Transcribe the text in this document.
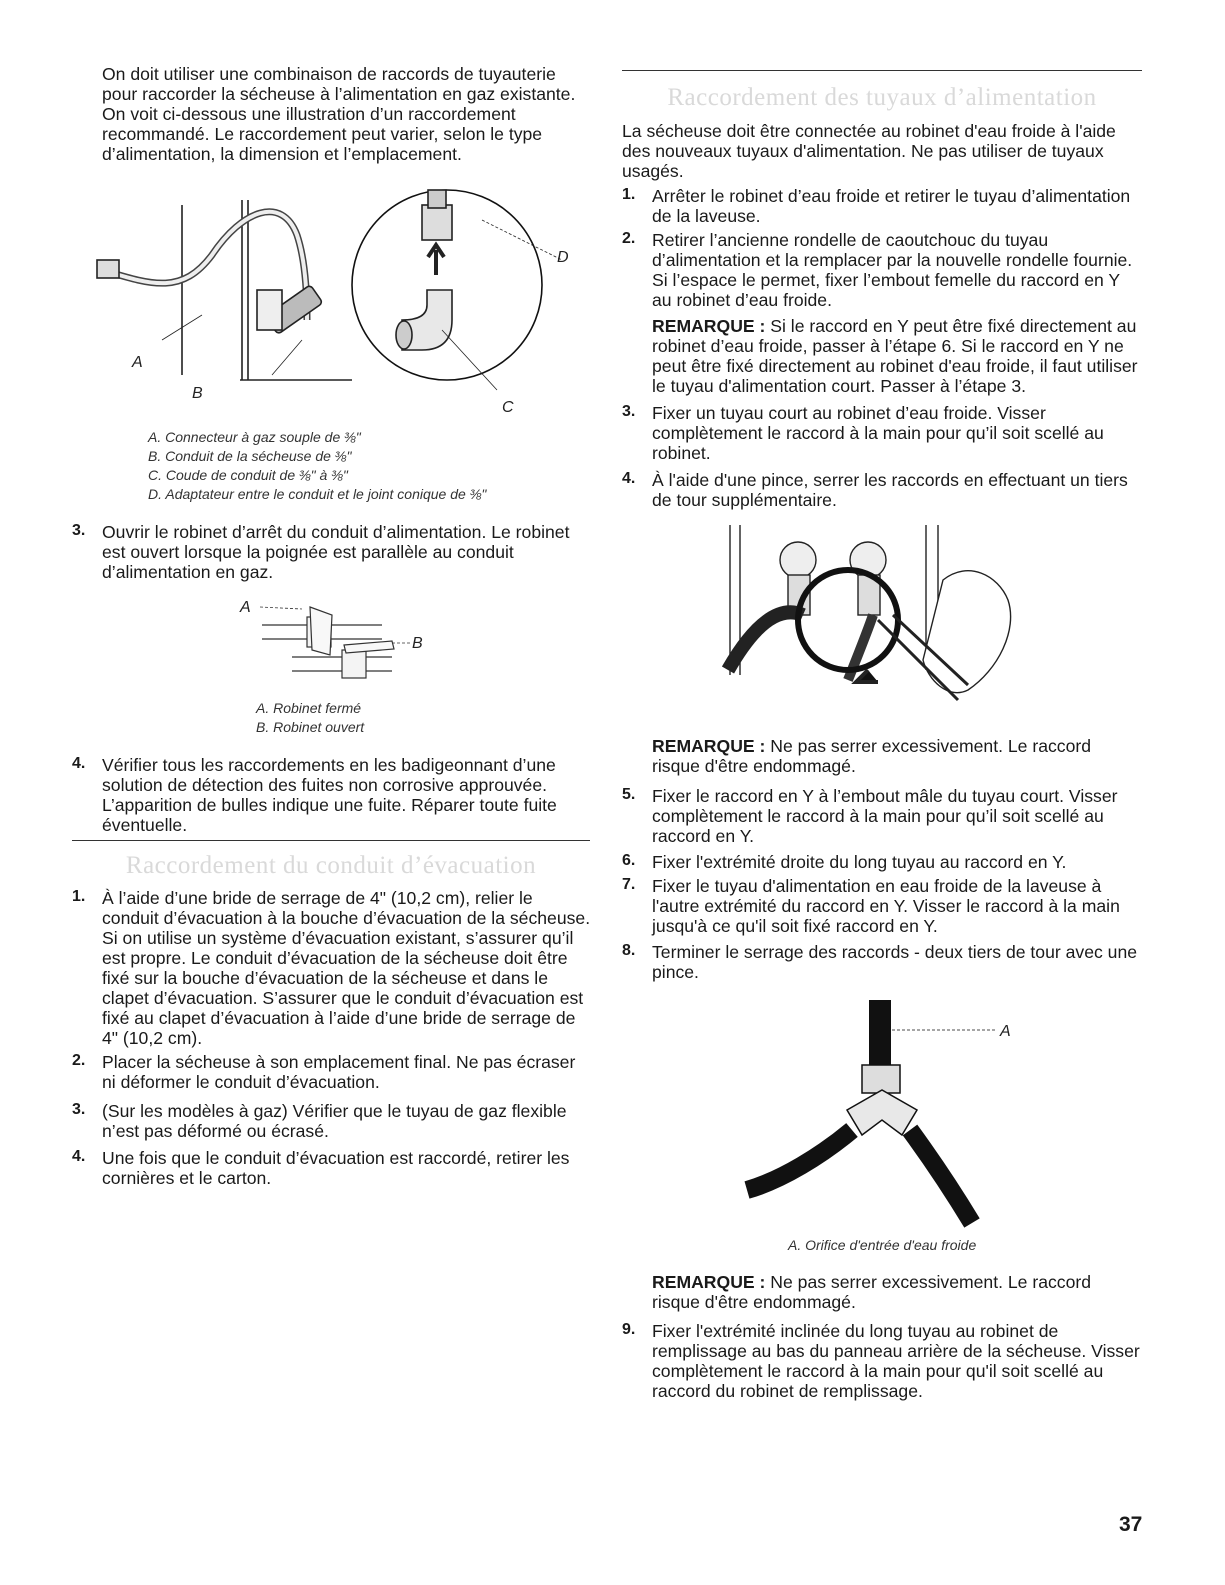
On doit utiliser une combinaison de raccords de tuyauterie pour raccorder la sécheuse à l’alimentation en gaz existante. On voit ci-dessous une illustration d’un raccordement recommandé. Le raccordement peut varier, selon le type d’alimentation, la dimension et l’emplacement.

A
B
C
D
A. Connecteur à gaz souple de ⅜"
B. Conduit de la sécheuse de ⅜"
C. Coude de conduit de ⅜" à ⅜"
D. Adaptateur entre le conduit et le joint conique de ⅜"
3. Ouvrir le robinet d’arrêt du conduit d’alimentation. Le robinet est ouvert lorsque la poignée est parallèle au conduit d’alimentation en gaz.

A
B
A. Robinet fermé
B. Robinet ouvert
4. Vérifier tous les raccordements en les badigeonnant d’une solution de détection des fuites non corrosive approuvée. L’apparition de bulles indique une fuite. Réparer toute fuite éventuelle.

Raccordement du conduit d’évacuation
1. À l’aide d’une bride de serrage de 4" (10,2 cm), relier le conduit d’évacuation à la bouche d’évacuation de la sécheuse. Si on utilise un système d’évacuation existant, s’assurer qu’il est propre. Le conduit d’évacuation de la sécheuse doit être fixé sur la bouche d’évacuation de la sécheuse et dans le clapet d’évacuation. S’assurer que le conduit d’évacuation est fixé au clapet d’évacuation à l’aide d’une bride de serrage de 4" (10,2 cm).

2. Placer la sécheuse à son emplacement final. Ne pas écraser ni déformer le conduit d’évacuation.

3. (Sur les modèles à gaz) Vérifier que le tuyau de gaz flexible n’est pas déformé ou écrasé.

4. Une fois que le conduit d’évacuation est raccordé, retirer les cornières et le carton.

Raccordement des tuyaux d’alimentation

La sécheuse doit être connectée au robinet d'eau froide à l'aide des nouveaux tuyaux d'alimentation. Ne pas utiliser de tuyaux usagés.

1. Arrêter le robinet d’eau froide et retirer le tuyau d’alimentation de la laveuse.

2. Retirer l’ancienne rondelle de caoutchouc du tuyau d’alimentation et la remplacer par la nouvelle rondelle fournie. Si l’espace le permet, fixer l’embout femelle du raccord en Y au robinet d’eau froide.

REMARQUE : Si le raccord en Y peut être fixé directement au robinet d’eau froide, passer à l’étape 6. Si le raccord en Y ne peut être fixé directement au robinet d'eau froide, il faut utiliser le tuyau d'alimentation court. Passer à l’étape 3.

3. Fixer un tuyau court au robinet d’eau froide. Visser complètement le raccord à la main pour qu’il soit scellé au robinet.

4. À l'aide d'une pince, serrer les raccords en effectuant un tiers de tour supplémentaire.

REMARQUE : Ne pas serrer excessivement. Le raccord risque d'être endommagé.

5. Fixer le raccord en Y à l’embout mâle du tuyau court. Visser complètement le raccord à la main pour qu’il soit scellé au raccord en Y.

6. Fixer l'extrémité droite du long tuyau au raccord en Y.

7. Fixer le tuyau d'alimentation en eau froide de la laveuse à l'autre extrémité du raccord en Y. Visser le raccord à la main jusqu'à ce qu'il soit fixé raccord en Y.

8. Terminer le serrage des raccords - deux tiers de tour avec une pince.

A
A. Orifice d'entrée d'eau froide

REMARQUE : Ne pas serrer excessivement. Le raccord risque d'être endommagé.

9. Fixer l'extrémité inclinée du long tuyau au robinet de remplissage au bas du panneau arrière de la sécheuse. Visser complètement le raccord à la main pour qu'il soit scellé au raccord du robinet de remplissage.

37
